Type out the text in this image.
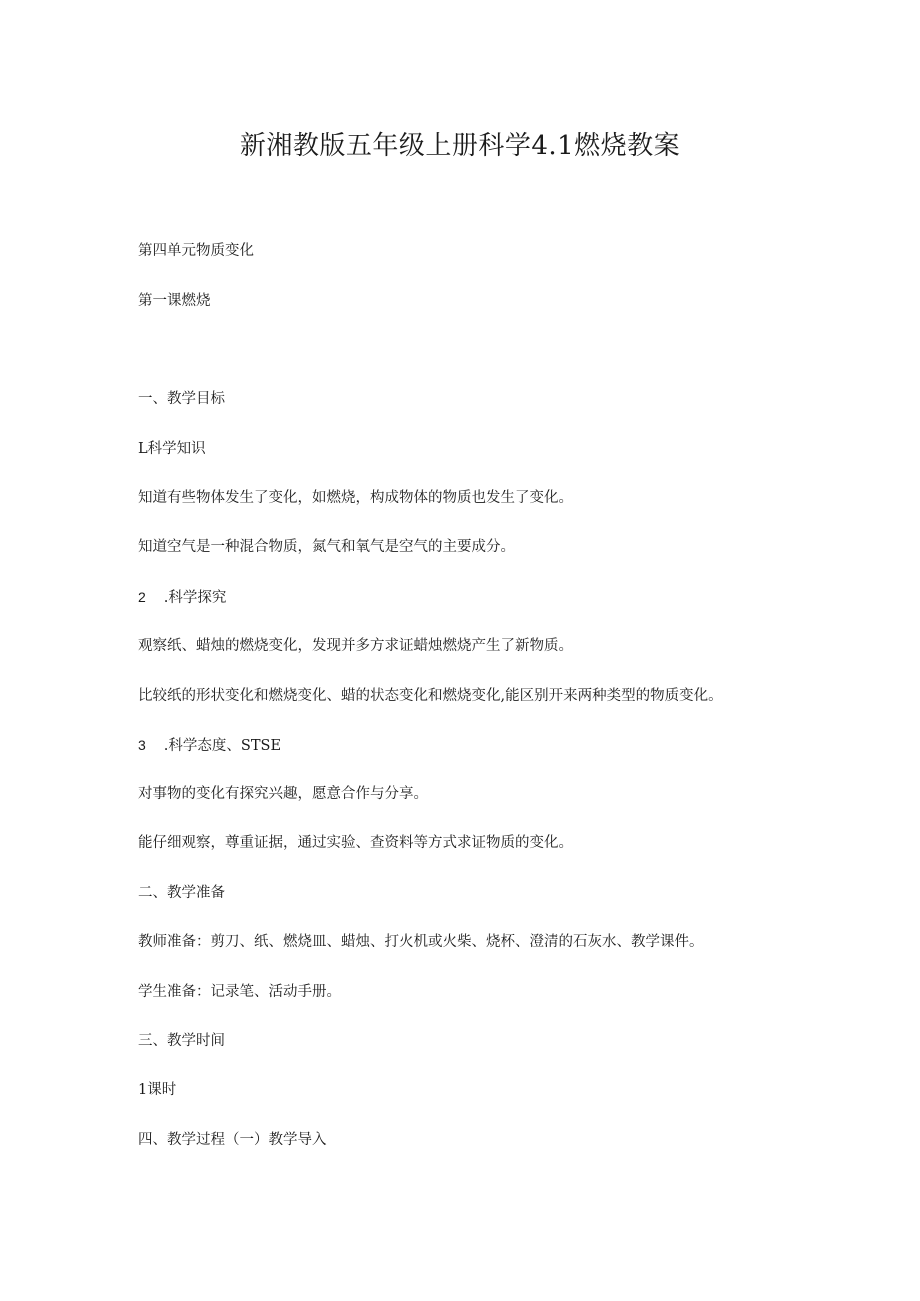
新湘教版五年级上册科学4.1燃烧教案

第四单元物质变化

第一课燃烧

一、教学目标

L科学知识

知道有些物体发生了变化，如燃烧，构成物体的物质也发生了变化。

知道空气是一种混合物质，氮气和氧气是空气的主要成分。

2 .科学探究

观察纸、蜡烛的燃烧变化，发现并多方求证蜡烛燃烧产生了新物质。

比较纸的形状变化和燃烧变化、蜡的状态变化和燃烧变化,能区别开来两种类型的物质变化。

3 .科学态度、STSE

对事物的变化有探究兴趣，愿意合作与分享。

能仔细观察，尊重证据，通过实验、查资料等方式求证物质的变化。

二、教学准备

教师准备：剪刀、纸、燃烧皿、蜡烛、打火机或火柴、烧杯、澄清的石灰水、教学课件。

学生准备：记录笔、活动手册。

三、教学时间

1课时

四、教学过程（一）教学导入
